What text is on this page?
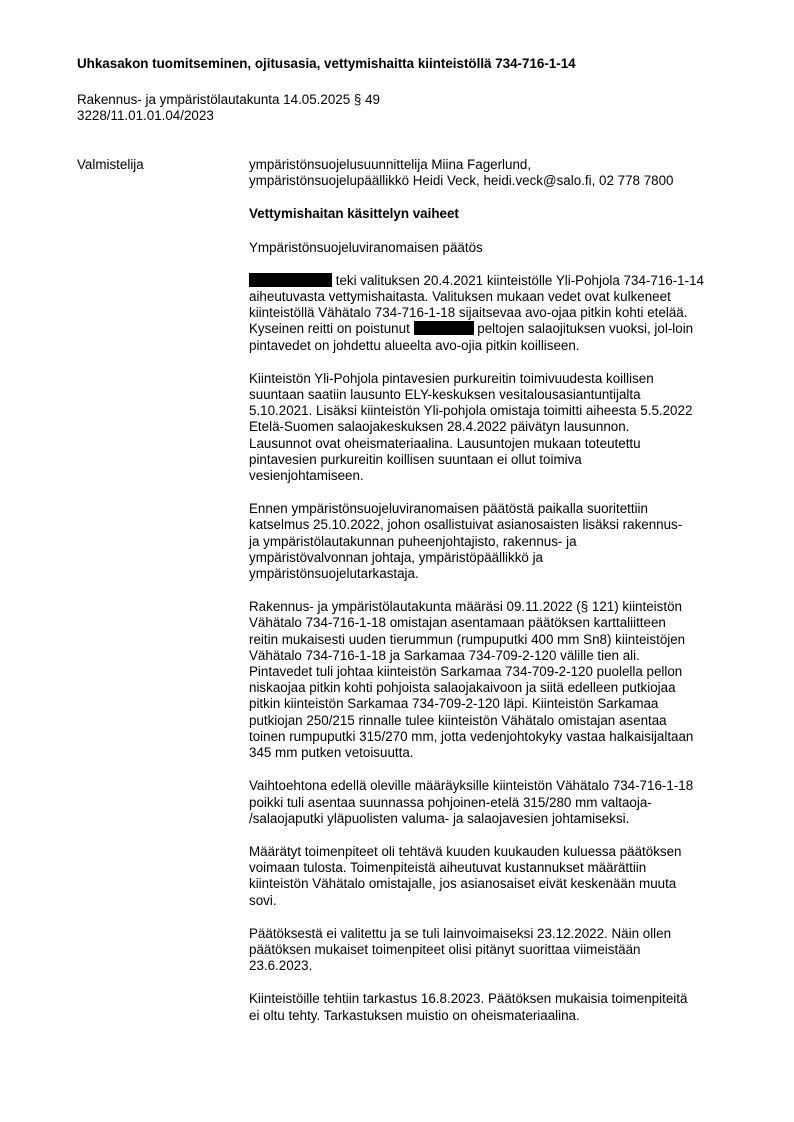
Uhkasakon tuomitseminen, ojitusasia, vettymishaitta kiinteistöllä 734-716-1-14
Rakennus- ja ympäristölautakunta 14.05.2025 § 49
3228/11.01.01.04/2023
Valmistelija	ympäristönsuojelusuunnittelija Miina Fagerlund,
ympäristönsuojelupäällikkö Heidi Veck, heidi.veck@salo.fi, 02 778 7800
Vettymishaitan käsittelyn vaiheet
Ympäristönsuojeluviranomaisen päätös
teki valituksen 20.4.2021 kiinteistölle Yli-Pohjola 734-716-1-14
aiheutuvasta vettymishaitasta. Valituksen mukaan vedet ovat kulkeneet
kiinteistöllä Vähätalo 734-716-1-18 sijaitsevaa avo-ojaa pitkin kohti etelää.
Kyseinen reitti on poistunut	peltojen salaojituksen vuoksi, jol-loin
pintavedet on johdettu alueelta avo-ojia pitkin koilliseen.
Kiinteistön Yli-Pohjola pintavesien purkureitin toimivuudesta koillisen
suuntaan saatiin lausunto ELY-keskuksen vesitalousasiantuntijalta
5.10.2021. Lisäksi kiinteistön Yli-pohjola omistaja toimitti aiheesta 5.5.2022
Etelä-Suomen salaojakeskuksen 28.4.2022 päivätyn lausunnon.
Lausunnot ovat oheismateriaalina. Lausuntojen mukaan toteutettu
pintavesien purkureitin koillisen suuntaan ei ollut toimiva
vesienjohtamiseen.
Ennen ympäristönsuojeluviranomaisen päätöstä paikalla suoritettiin
katselmus 25.10.2022, johon osallistuivat asianosaisten lisäksi rakennus-
ja ympäristölautakunnan puheenjohtajisto, rakennus- ja
ympäristövalvonnan johtaja, ympäristöpäällikkö ja
ympäristönsuojelutarkastaja.
Rakennus- ja ympäristölautakunta määräsi 09.11.2022 (§ 121) kiinteistön
Vähätalo 734-716-1-18 omistajan asentamaan päätöksen karttaliitteen
reitin mukaisesti uuden tierummun (rumpuputki 400 mm Sn8) kiinteistöjen
Vähätalo 734-716-1-18 ja Sarkamaa 734-709-2-120 välille tien ali.
Pintavedet tuli johtaa kiinteistön Sarkamaa 734-709-2-120 puolella pellon
niskaojaa pitkin kohti pohjoista salaojakaivoon ja siitä edelleen putkiojaa
pitkin kiinteistön Sarkamaa 734-709-2-120 läpi. Kiinteistön Sarkamaa
putkiojan 250/215 rinnalle tulee kiinteistön Vähätalo omistajan asentaa
toinen rumpuputki 315/270 mm, jotta vedenjohtokyky vastaa halkaisijaltaan
345 mm putken vetoisuutta.
Vaihtoehtona edellä oleville määräyksille kiinteistön Vähätalo 734-716-1-18
poikki tuli asentaa suunnassa pohjoinen-etelä 315/280 mm valtaoja-
/salaojaputki yläpuolisten valuma- ja salaojavesien johtamiseksi.
Määrätyt toimenpiteet oli tehtävä kuuden kuukauden kuluessa päätöksen
voimaan tulosta. Toimenpiteistä aiheutuvat kustannukset määrättiin
kiinteistön Vähätalo omistajalle, jos asianosaiset eivät keskenään muuta
sovi.
Päätöksestä ei valitettu ja se tuli lainvoimaiseksi 23.12.2022. Näin ollen
päätöksen mukaiset toimenpiteet olisi pitänyt suorittaa viimeistään
23.6.2023.
Kiinteistöille tehtiin tarkastus 16.8.2023. Päätöksen mukaisia toimenpiteitä
ei oltu tehty. Tarkastuksen muistio on oheismateriaalina.
